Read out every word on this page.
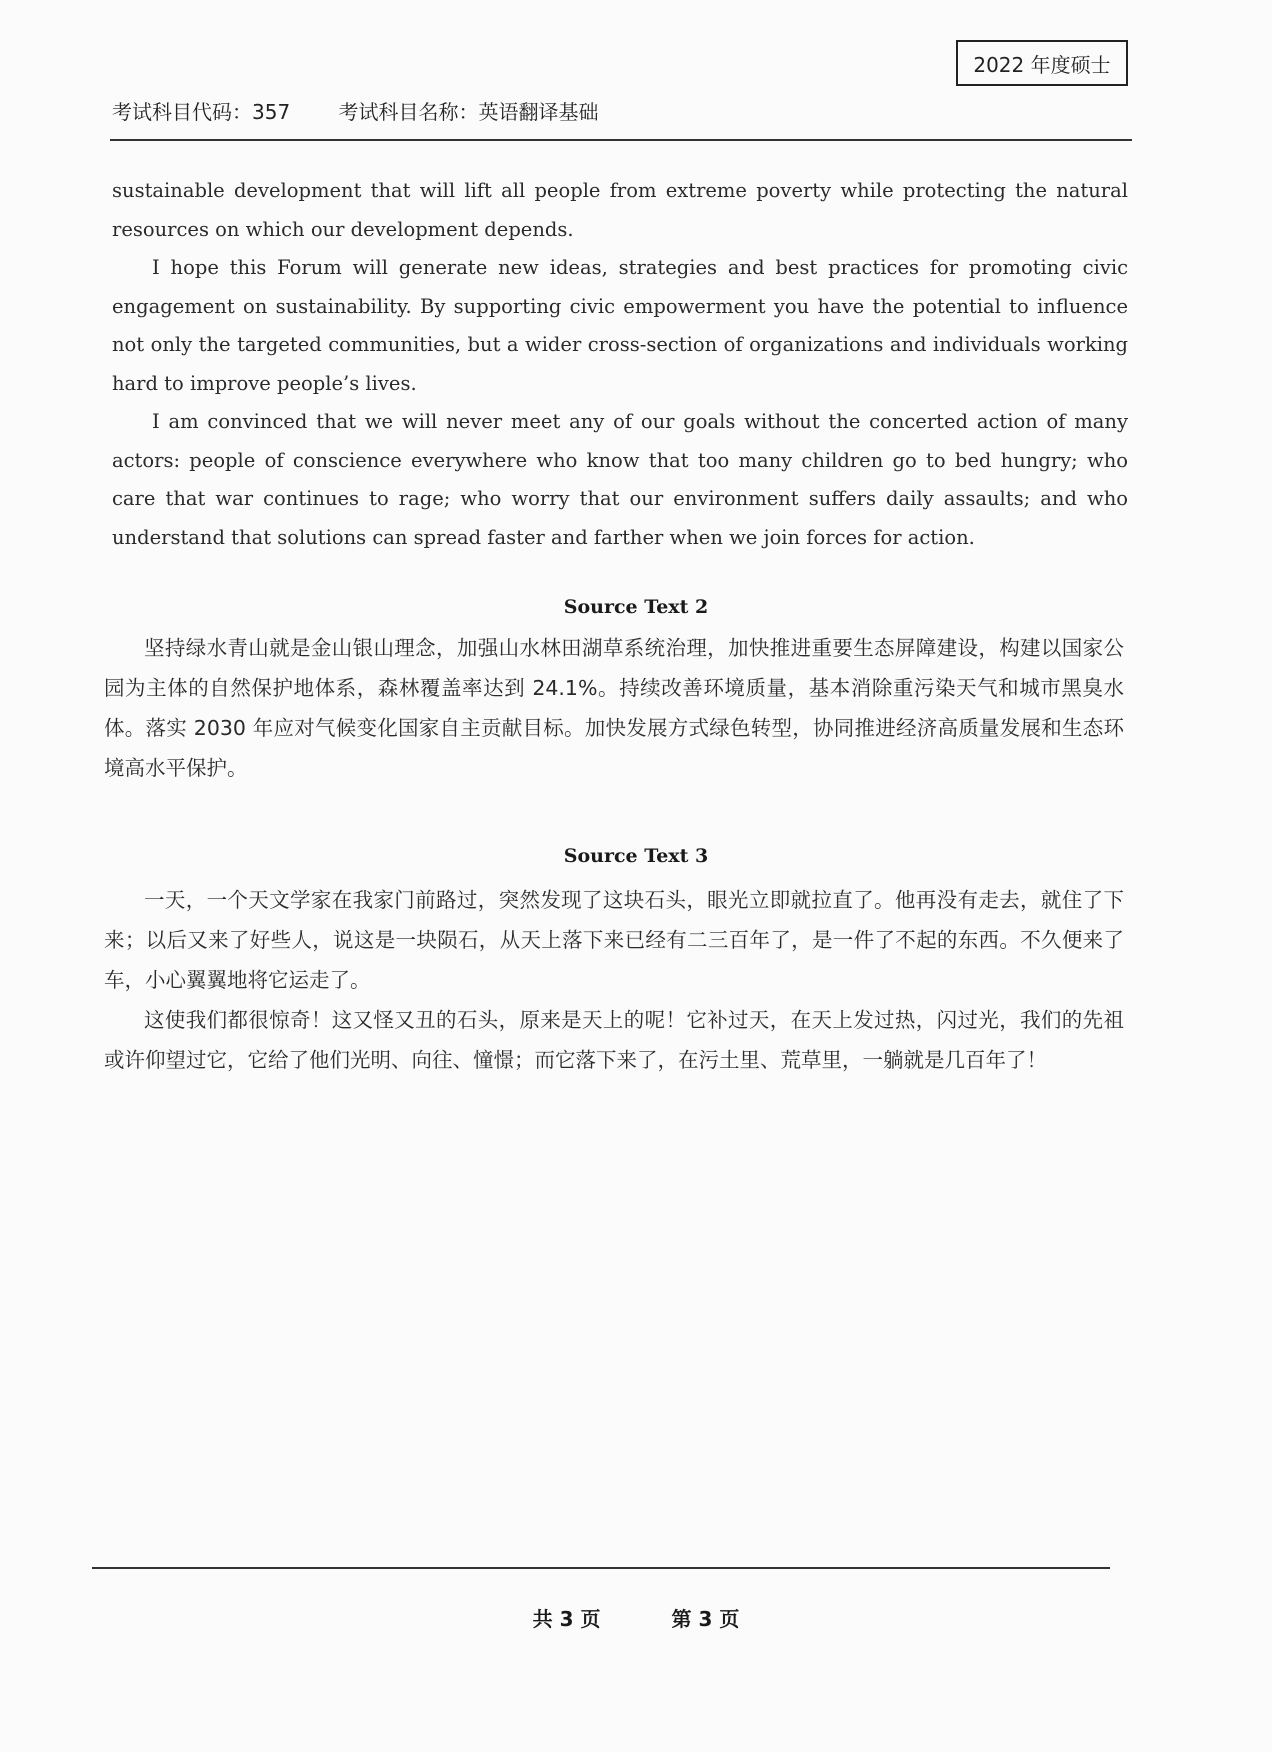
2022 年度硕士
考试科目代码：357 考试科目名称：英语翻译基础

sustainable development that will lift all people from extreme poverty while protecting the natural resources on which our development depends.

I hope this Forum will generate new ideas, strategies and best practices for promoting civic engagement on sustainability. By supporting civic empowerment you have the potential to influence not only the targeted communities, but a wider cross-section of organizations and individuals working hard to improve people’s lives.

I am convinced that we will never meet any of our goals without the concerted action of many actors: people of conscience everywhere who know that too many children go to bed hungry; who care that war continues to rage; who worry that our environment suffers daily assaults; and who understand that solutions can spread faster and farther when we join forces for action.

Source Text 2

坚持绿水青山就是金山银山理念，加强山水林田湖草系统治理，加快推进重要生态屏障建设，构建以国家公园为主体的自然保护地体系，森林覆盖率达到 24.1%。持续改善环境质量，基本消除重污染天气和城市黑臭水体。落实 2030 年应对气候变化国家自主贡献目标。加快发展方式绿色转型，协同推进经济高质量发展和生态环境高水平保护。

Source Text 3

一天，一个天文学家在我家门前路过，突然发现了这块石头，眼光立即就拉直了。他再没有走去，就住了下来；以后又来了好些人，说这是一块陨石，从天上落下来已经有二三百年了，是一件了不起的东西。不久便来了车，小心翼翼地将它运走了。

这使我们都很惊奇！这又怪又丑的石头，原来是天上的呢！它补过天，在天上发过热，闪过光，我们的先祖或许仰望过它，它给了他们光明、向往、憧憬；而它落下来了，在污土里、荒草里，一躺就是几百年了！

共 3 页	第 3 页
